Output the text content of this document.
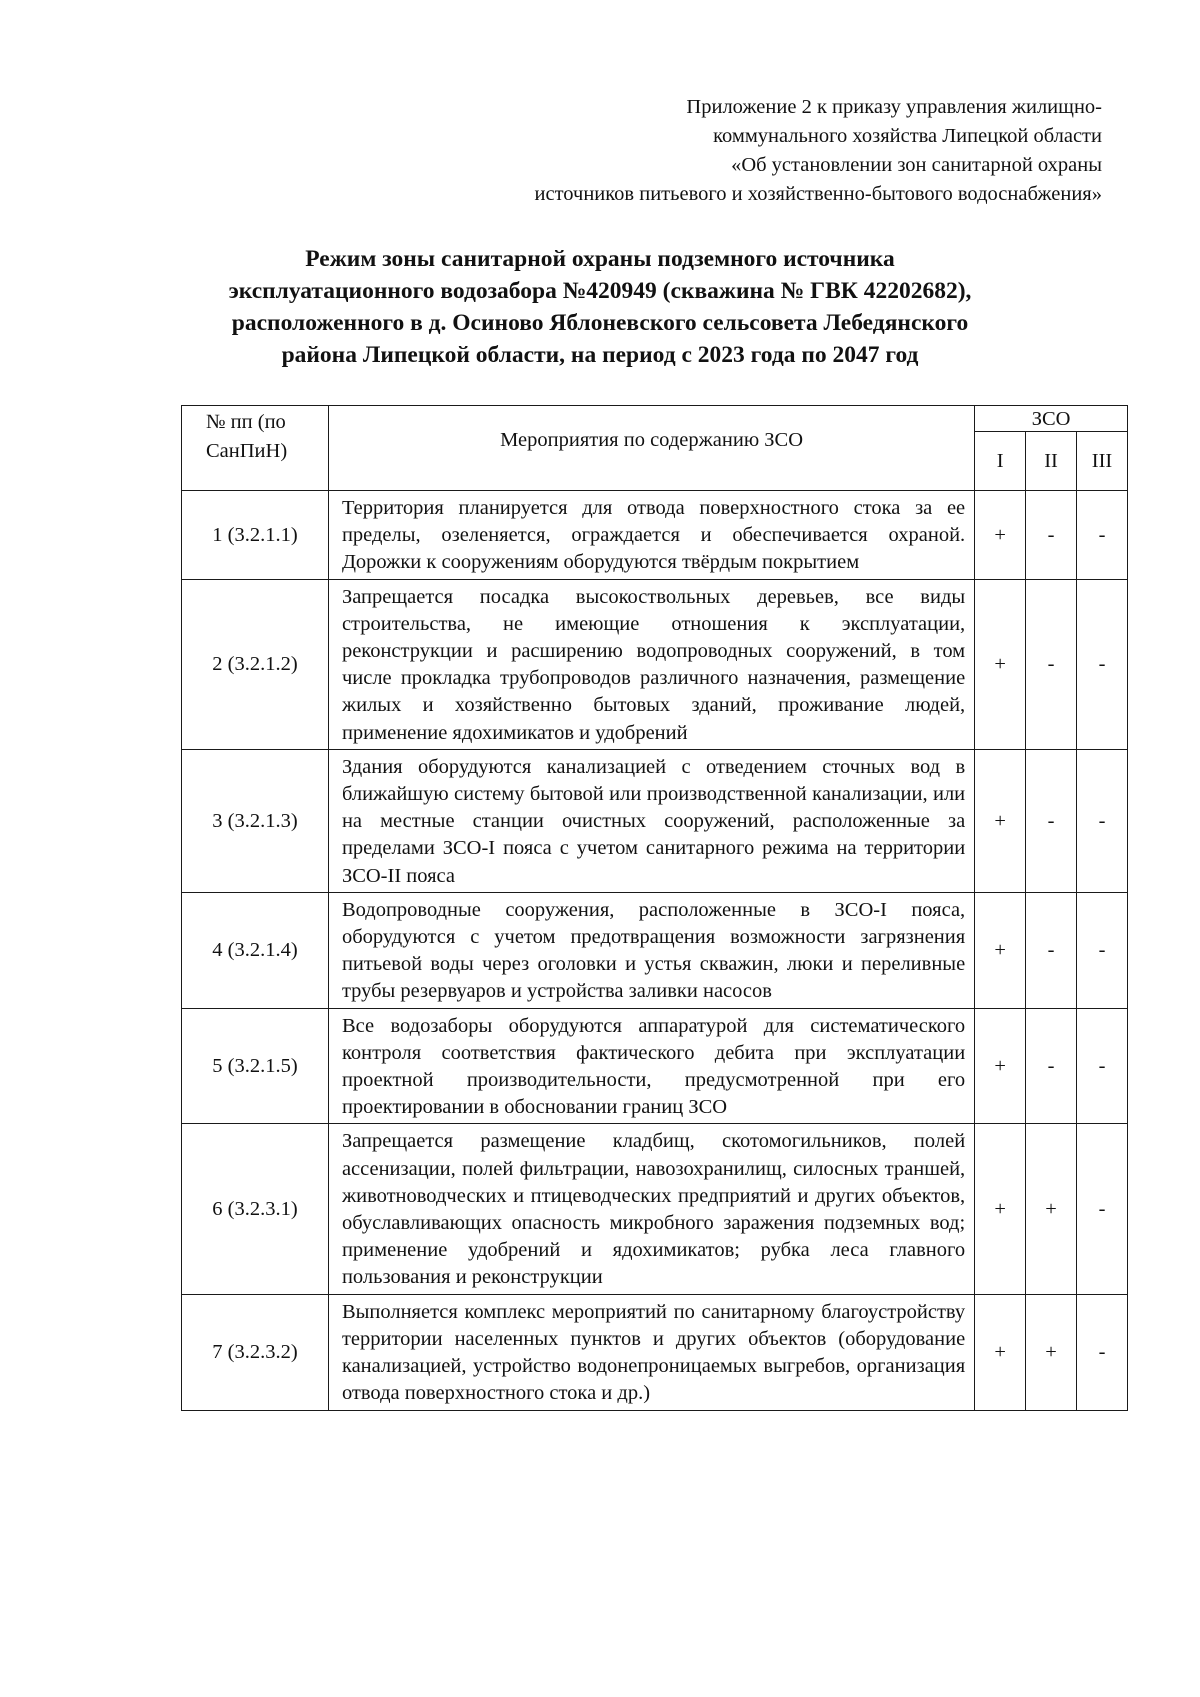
Приложение 2 к приказу управления жилищно-
коммунального хозяйства Липецкой области
«Об установлении зон санитарной охраны
источников питьевого и хозяйственно-бытового водоснабжения»
Режим зоны санитарной охраны подземного источника
эксплуатационного водозабора №420949 (скважина № ГВК 42202682),
расположенного в д. Осиново Яблоневского сельсовета Лебедянского
района Липецкой области, на период с 2023 года по 2047 год
№ пп (по СанПиН)	Мероприятия по содержанию ЗСО	ЗСО		
		I	II	III
1 (3.2.1.1)	Территория планируется для отвода поверхностного стока за ее пределы, озеленяется, ограждается и обеспечивается охраной. Дорожки к сооружениям оборудуются твёрдым покрытием	+	-	-
2 (3.2.1.2)	Запрещается посадка высокоствольных деревьев, все виды строительства, не имеющие отношения к эксплуатации, реконструкции и расширению водопроводных сооружений, в том числе прокладка трубопроводов различного назначения, размещение жилых и хозяйственно бытовых зданий, проживание людей, применение ядохимикатов и удобрений	+	-	-
3 (3.2.1.3)	Здания оборудуются канализацией с отведением сточных вод в ближайшую систему бытовой или производственной канализации, или на местные станции очистных сооружений, расположенные за пределами ЗСО-I пояса с учетом санитарного режима на территории ЗСО-II пояса	+	-	-
4 (3.2.1.4)	Водопроводные сооружения, расположенные в ЗСО-I пояса, оборудуются с учетом предотвращения возможности загрязнения питьевой воды через оголовки и устья скважин, люки и переливные трубы резервуаров и устройства заливки насосов	+	-	-
5 (3.2.1.5)	Все водозаборы оборудуются аппаратурой для систематического контроля соответствия фактического дебита при эксплуатации проектной производительности, предусмотренной при его проектировании в обосновании границ ЗСО	+	-	-
6 (3.2.3.1)	Запрещается размещение кладбищ, скотомогильников, полей ассенизации, полей фильтрации, навозохранилищ, силосных траншей, животноводческих и птицеводческих предприятий и других объектов, обуславливающих опасность микробного заражения подземных вод; применение удобрений и ядохимикатов; рубка леса главного пользования и реконструкции	+	+	-
7 (3.2.3.2)	Выполняется комплекс мероприятий по санитарному благоустройству территории населенных пунктов и других объектов (оборудование канализацией, устройство водонепроницаемых выгребов, организация отвода поверхностного стока и др.)	+	+	-
